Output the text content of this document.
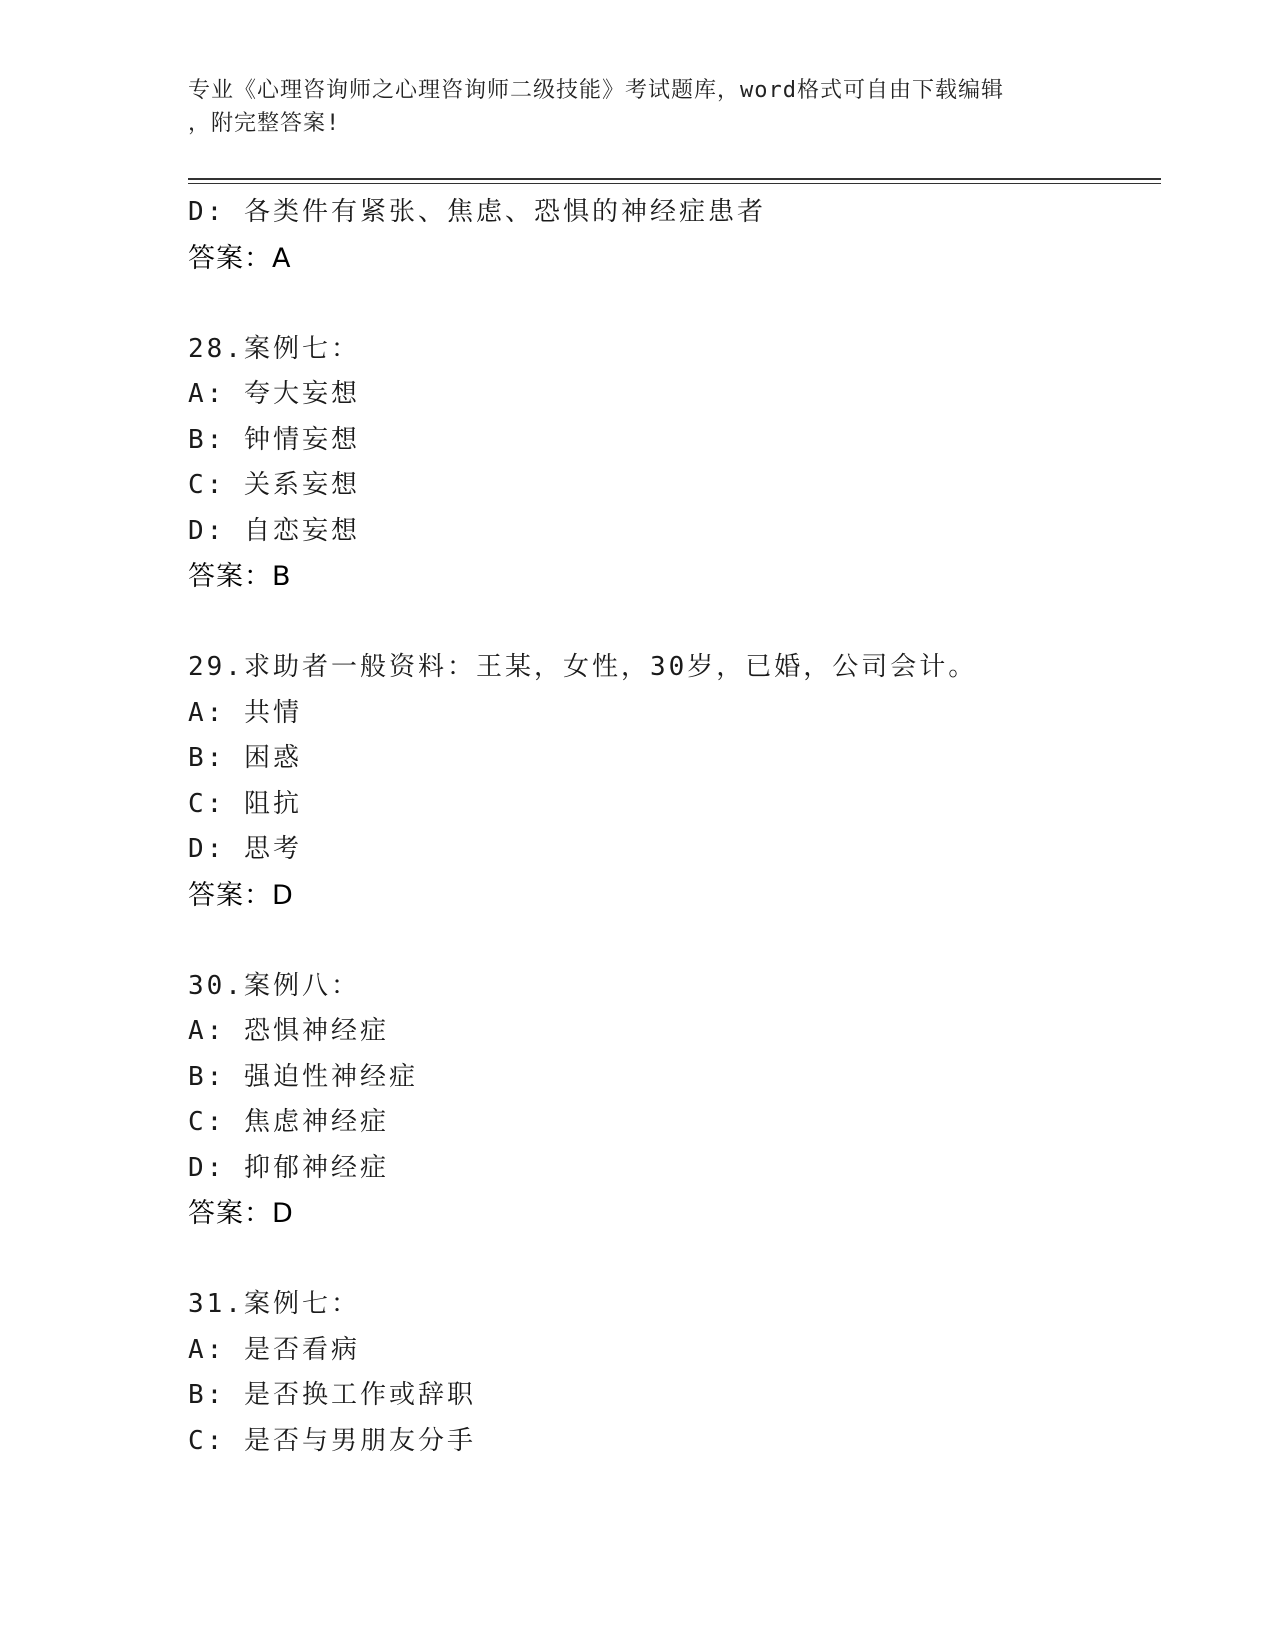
专业《心理咨询师之心理咨询师二级技能》考试题库，word格式可自由下载编辑
，附完整答案!
D: 各类件有紧张、焦虑、恐惧的神经症患者
答案：A
28.案例七：
A: 夸大妄想
B: 钟情妄想
C: 关系妄想
D: 自恋妄想
答案：B
29.求助者一般资料：王某，女性，30岁，已婚，公司会计。
A: 共情
B: 困惑
C: 阻抗
D: 思考
答案：D
30.案例八：
A: 恐惧神经症
B: 强迫性神经症
C: 焦虑神经症
D: 抑郁神经症
答案：D
31.案例七：
A: 是否看病
B: 是否换工作或辞职
C: 是否与男朋友分手
